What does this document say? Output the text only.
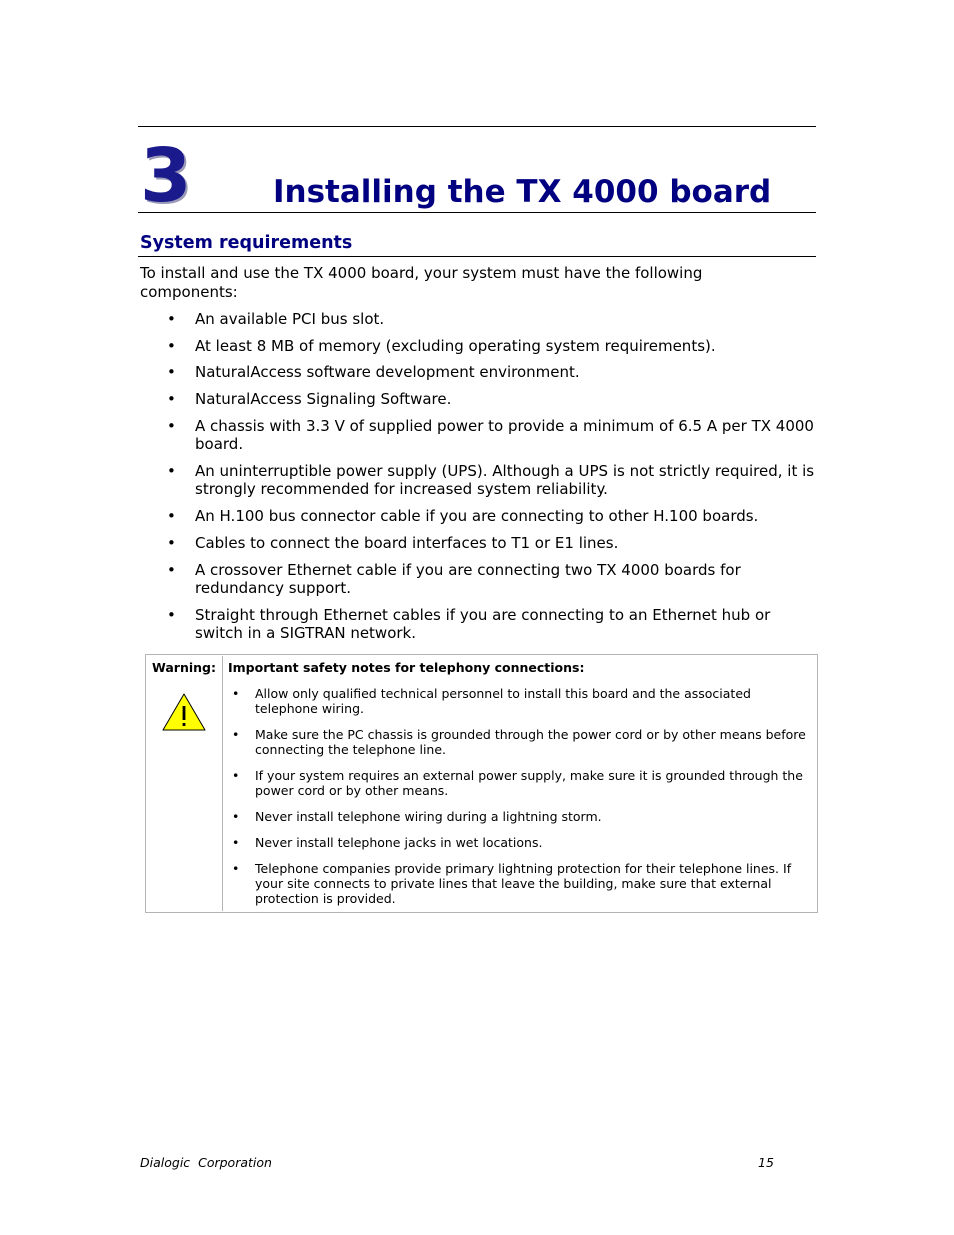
3	Installing the TX 4000 board
System requirements
To install and use the TX 4000 board, your system must have the following components:
• An available PCI bus slot.
• At least 8 MB of memory (excluding operating system requirements).
• NaturalAccess software development environment.
• NaturalAccess Signaling Software.
• A chassis with 3.3 V of supplied power to provide a minimum of 6.5 A per TX 4000 board.
• An uninterruptible power supply (UPS). Although a UPS is not strictly required, it is strongly recommended for increased system reliability.
• An H.100 bus connector cable if you are connecting to other H.100 boards.
• Cables to connect the board interfaces to T1 or E1 lines.
• A crossover Ethernet cable if you are connecting two TX 4000 boards for redundancy support.
• Straight through Ethernet cables if you are connecting to an Ethernet hub or switch in a SIGTRAN network.
Warning: Important safety notes for telephony connections:
• Allow only qualified technical personnel to install this board and the associated telephone wiring.
• Make sure the PC chassis is grounded through the power cord or by other means before connecting the telephone line.
• If your system requires an external power supply, make sure it is grounded through the power cord or by other means.
• Never install telephone wiring during a lightning storm.
• Never install telephone jacks in wet locations.
• Telephone companies provide primary lightning protection for their telephone lines. If your site connects to private lines that leave the building, make sure that external protection is provided.
Dialogic  Corporation	15
